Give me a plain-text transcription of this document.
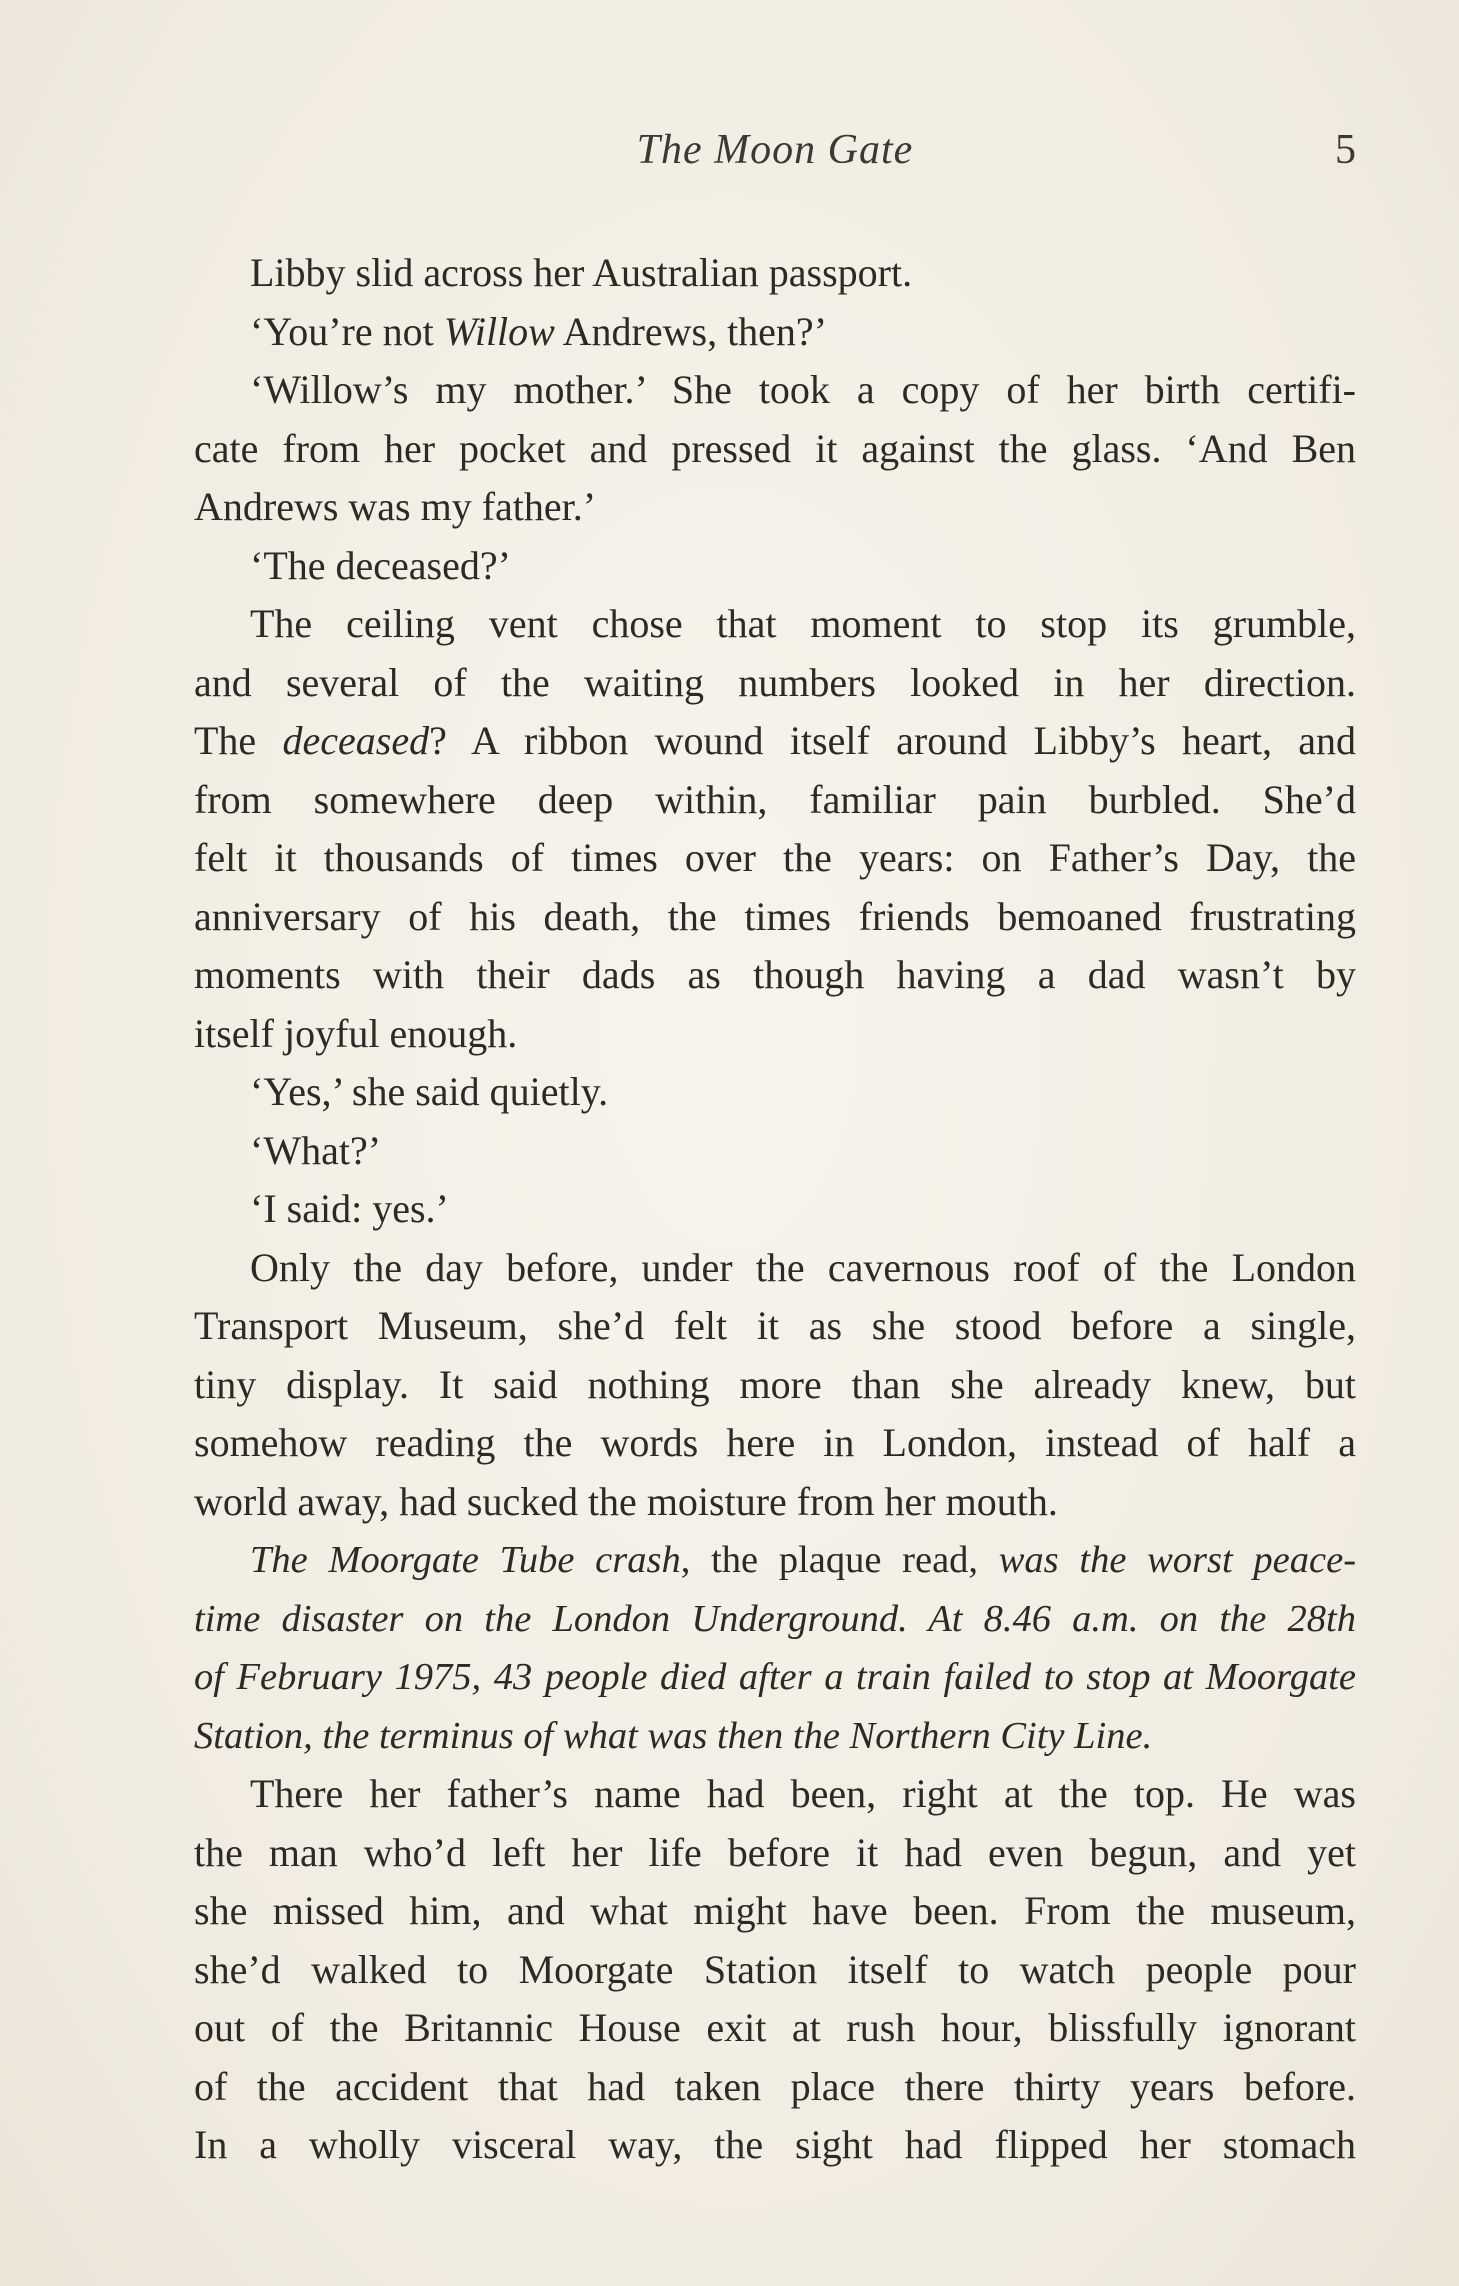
The Moon Gate	5
Libby slid across her Australian passport.
‘You’re not Willow Andrews, then?’
‘Willow’s my mother.’ She took a copy of her birth certifi-
cate from her pocket and pressed it against the glass. ‘And Ben
Andrews was my father.’
‘The deceased?’
The ceiling vent chose that moment to stop its grumble,
and several of the waiting numbers looked in her direction.
The deceased? A ribbon wound itself around Libby’s heart, and
from somewhere deep within, familiar pain burbled. She’d
felt it thousands of times over the years: on Father’s Day, the
anniversary of his death, the times friends bemoaned frustrating
moments with their dads as though having a dad wasn’t by
itself joyful enough.
‘Yes,’ she said quietly.
‘What?’
‘I said: yes.’
Only the day before, under the cavernous roof of the London
Transport Museum, she’d felt it as she stood before a single,
tiny display. It said nothing more than she already knew, but
somehow reading the words here in London, instead of half a
world away, had sucked the moisture from her mouth.
The Moorgate Tube crash, the plaque read, was the worst peace-
time disaster on the London Underground. At 8.46 a.m. on the 28th
of February 1975, 43 people died after a train failed to stop at Moorgate
Station, the terminus of what was then the Northern City Line.
There her father’s name had been, right at the top. He was
the man who’d left her life before it had even begun, and yet
she missed him, and what might have been. From the museum,
she’d walked to Moorgate Station itself to watch people pour
out of the Britannic House exit at rush hour, blissfully ignorant
of the accident that had taken place there thirty years before.
In a wholly visceral way, the sight had flipped her stomach
